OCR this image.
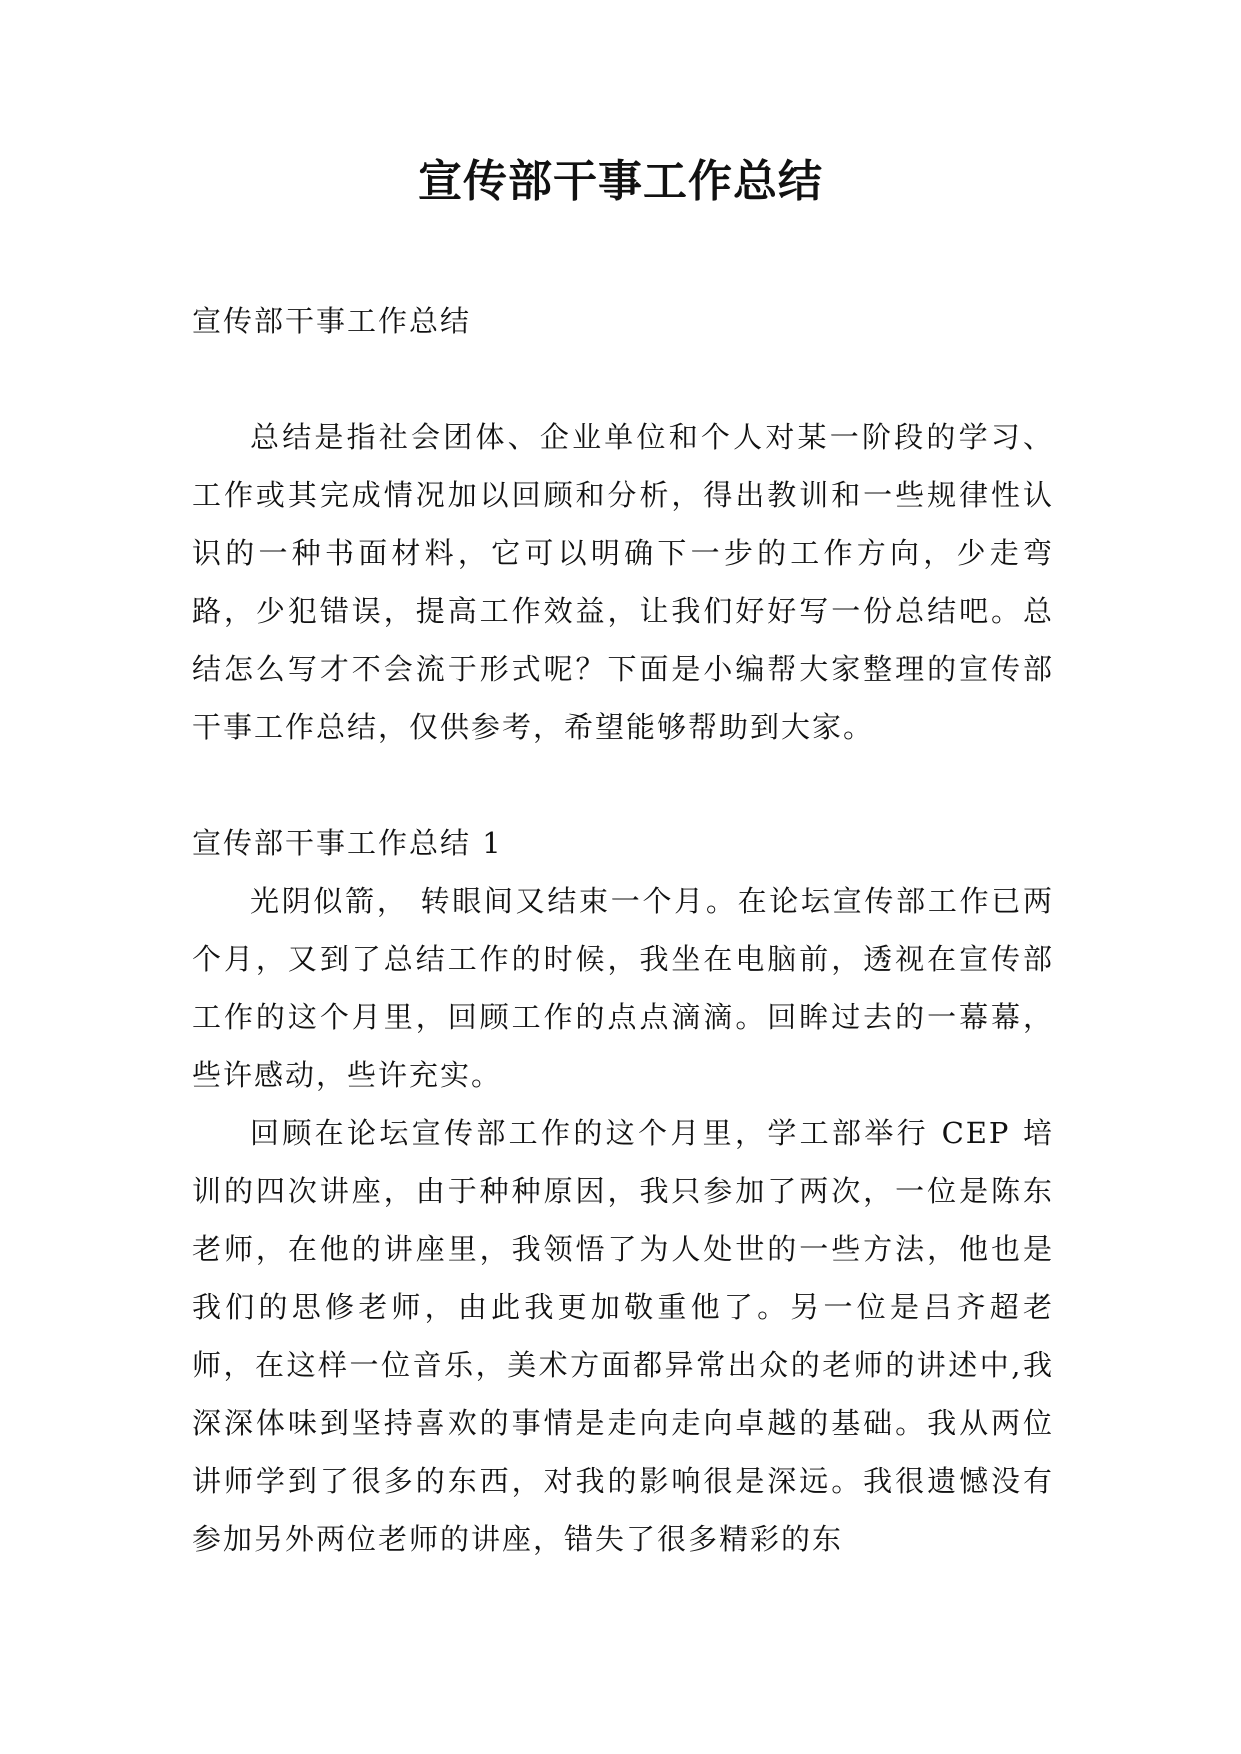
宣传部干事工作总结

宣传部干事工作总结

总结是指社会团体、企业单位和个人对某一阶段的学习、工作或其完成情况加以回顾和分析，得出教训和一些规律性认识的一种书面材料，它可以明确下一步的工作方向，少走弯路，少犯错误，提高工作效益，让我们好好写一份总结吧。总结怎么写才不会流于形式呢？下面是小编帮大家整理的宣传部干事工作总结，仅供参考，希望能够帮助到大家。

宣传部干事工作总结 1

光阴似箭， 转眼间又结束一个月。在论坛宣传部工作已两个月，又到了总结工作的时候，我坐在电脑前，透视在宣传部工作的这个月里，回顾工作的点点滴滴。回眸过去的一幕幕，些许感动，些许充实。

回顾在论坛宣传部工作的这个月里，学工部举行 CEP 培训的四次讲座，由于种种原因，我只参加了两次，一位是陈东老师，在他的讲座里，我领悟了为人处世的一些方法，他也是我们的思修老师，由此我更加敬重他了。另一位是吕齐超老师，在这样一位音乐，美术方面都异常出众的老师的讲述中,我深深体味到坚持喜欢的事情是走向走向卓越的基础。我从两位讲师学到了很多的东西，对我的影响很是深远。我很遗憾没有参加另外两位老师的讲座，错失了很多精彩的东
